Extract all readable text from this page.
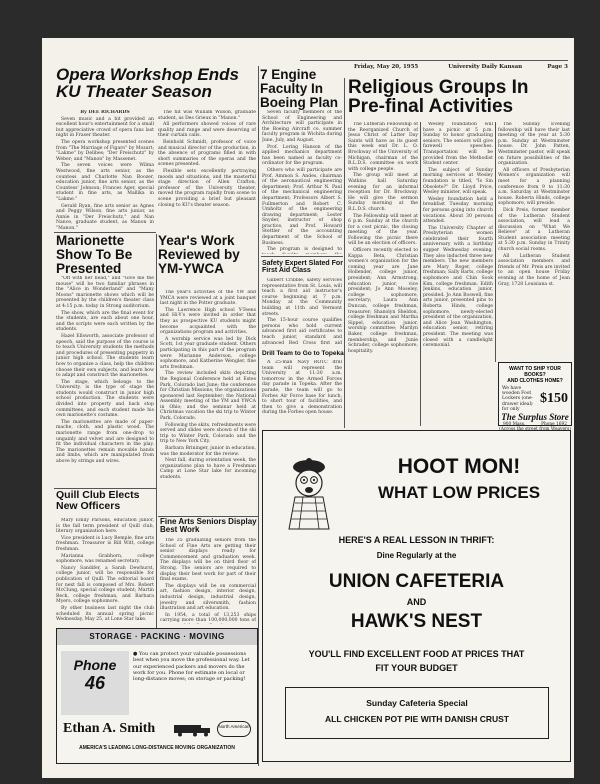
Friday, May 20, 1955	University Daily Kansan	Page 3
Opera Workshop Ends KU Theater Season

By DEE RICHARDS

Seven music and a bit provided an excellent hour's entertainment for a small but appreciative crowd of opera fans last night in Fraser theater.

The opera workshop presented scenes from "The Marriage of Figaro" by Mozart; "Lakme" by Delibes; "Der Freischutz" by Weber; and "Manon" by Massenet.

The seven voices were Wilma Westwood, fine arts senior, as the countess and Charlotte Nan Boozer, education junior, fine arts senior, as the Countess' Johnson; Frances Ager, special student in fine arts, as Mallika in "Lakme."

Gerald Ryan, fine arts senior as Agnes and Peggy Wilson, fine arts junior, as Annie in "Der Freischutz," and Nan Nance, graduate student, as Manon in "Manon."

The hit was William Wilson, graduate student, as Des Grieux in "Manon."

All performers showed voices of rare quality and range and were deserving of their curtain calls.

Reinhold Schmidt, professor of voice and musical director of the production, in the absence of programs filled in with short summaries of the operas and the scenes presented.

Flexible sets excellently portraying moods and situations, and the masterful stage direction of Allen Crafton, professor of the University theater, moved the program rapidly from scene to scene providing a brief but pleasant closing to KU's theater season.

7 Engine Faculty In Boeing Plan

Seven faculty members of the School of Engineering and Architecture will participate in the Boeing Aircraft co. summer faculty program in Wichita during June, July, and August.

Prof. Loring Hanson of the applied mechanics department has been named as faculty co-ordinator for the program.

Others who will participate are Prof. Ammon S. Andes, chairman of the aeronautical engineering department; Prof. Arthur N. Paul of the mechanical engineering department; Professors Albert S. Fullmerton and Robert C. Umholtz of the engineering drawing department; Lester Snyder, instructor of shop practice, and Prof. Howard Stettler of the accounting department of the School of Business.

The program is designed to

Safety Expert Slated For First Aid Class

Gilbert Cribble, safety services representative from St. Louis, will teach a first aid instructor's course beginning at 7 p.m. Monday at the Community building at 11th and Vermont streets.

The 15-hour course qualifies persons who hold current advanced first aid certificates to teach junior, standard and advanced Red Cross first aid

Drill Team to Go to Topeka

A 25-man Navy ROTC drill team will represent the University at 11:30 a.m. tomorrow in the Armed Forces day parade in Topeka. After the parade, the team will go to Forbes Air Force base for lunch, to short tour of facilities, and then to give a demonstration during the Forbes open house.

Marionette Show To Be Presented

"Off with her head," and "Give me the mouse" will be two familiar phrases in the "Alice in Wonderland" and "Many Moons" marionette shows which will be presented by the children's theater class at 4:15 p.m. today in Strong auditorium.

The show, which are the final event for the students, are each about one hour, and the scripts were each written by the students.

Hazel Ellsworth, associate professor of speech, said the purpose of the course is to teach University students the methods and procedures of presenting puppetry in junior high school. The students learn how to organize a class, help the children choose their own subjects, and learn how to adapt and construct the marionettes.

The stage, which belongs to the University, is the type of stage the students would construct in junior high school production. The students were divided into property and back stop committees, and each student made his own marionette's costume.

The marionettes are made of paper-mache, cloth, and plastic wood. The marionette range from one-drop to ungainly and velvet and are designed to fit the individual characters in the play. The marionettes remain movable hands and limbs, which are manipulated from above by strings and wires.

Quill Club Elects New Officers

Mary Emily Parsons, education junior, is the fall term president of Quill club, literary organization here.

Vice president is Lucy Bemple, fine arts freshman. Treasurer is Bill Witt, college freshman.

Marianna Grabhorn, college sophomore, was renamed secretary.

Nancy Sandifer, a Sarah Dewhurst, college junior, will be responsible for publication of Quill. The editorial board for next fall is composed of Mrs. Robert McClung, special college student; Martin Beck, college freshman, and Barbara Myers, college sophomore.

By other business last night the club scheduled its annual spring picnic Wednesday, May 25, at Lone Star lake.

Year's Work Reviewed by YM-YWCA

The year's activities of the YW and YMCA were reviewed at a joint banquet last night in the Potter graduate.

The Lawrence High school Y-Teens and Hi-Y's were invited in order that they as prospective KU students might become acquainted with the organizations program and activities.

A worship service was led by Dick Scott, 1st year graduate student. Others participating in this part of the program were Marianne Anderson, college sophomore, and Katherine Wengler, fine arts freshman.

The review included skits depicting the Regional Conference held at Estes Park, Colorado last June; the conference for Christian Missions; the organizations sponsored last September; the National Assembly meeting of the YM and YWCA in Ohio; and the seminar held at Christmas vacation the ski trip to Winter Park, Colorado.

Following the skits, refreshments were served and slides were shown of the ski trip to Winter Park, Colorado and the trip to New York City.

Barbara Brininger, junior in education, was the moderator for the review.

Next fall, during orientation week, the organizations plan to have a Freshman Camp at Lone Star lake for incoming students.

Fine Arts Seniors Display Best Work

The 35 graduating seniors from the School of Fine Arts are getting their senior displays ready for Commencement and graduation week. The displays will be on third floor of Strong. The seniors are required to display their best work for part of their final exams.

The displays will be on commercial art, fashion design, interior design, industrial design, industrial design, jewelry and silversmith, fashion illustration and art education.

In 1954, a total of 13,253 ships carrying more than 100,000,000 tons of

Religious Groups In Pre-final Activities

The Lutheran Fellowship of the Reorganized Church of Jesus Christ of Latter Day Saints will have as its guest this week end Dr. L. O. Brockway of the University of Michigan, chairman of the R.L.D.S. committee on work with college people.

The group will meet at Watkins hall Saturday evening for an informal reception for Dr. Brockway. He will give the sermon Sunday morning at the R.L.D.S. church.

The Fellowship will meet at 6 p.m. Sunday at the church for a cost picnic, the closing meeting of the year. Following the picnic there will be an election of officers.

Officers recently elected to Kappa Beta, Christian women's organization for the coming year are Jane Hollender, college junior, president; Ann Armstrong, education junior, vice president; Jo Ann Moseley, college sophomore, secretary; Laura Ann Duncan, college freshman, treasurer; Shanolyn Sheldon, college freshman and Martha Sippel, education junior, worship committee; Marilyn Baker, college freshman, membership, and Junie Schrader, college sophomore, hospitality.

Wesley foundation will have a picnic at 5 p.m. Sunday to honor graduating seniors. The seniors will give farewell speeches. Transportation will be provided from the Methodist Student center.

The subject of Sunday morning services at Wesley foundation is titled, "Is Sin Obsolete?" Dr. Lloyd Price, Wesley minister, will speak.

Wesley foundation held a breakfast Tuesday morning for persons going into church vocations. About 30 persons attended.

The University Chapter of Presbyterian women celebrated their fourth anniversary with a birthday supper Wednesday evening. They also inducted three new members. The new members are Mary Roger, college freshman; Sally Barts, college sophomore and Chin Sook Kim, college freshman. Edith Jenkins, education junior, presided. Jo Ann Boswell, fine arts junior, presented pins to Roberta Hinds, college sophomore, newly-elected president of the organization, and Alice Jean Washington, education senior, retiring president. The meeting was closed with a candlelight ceremonial.

The Sunday Evening fellowship will have their last meeting of the year at 5:30 p.m. Sunday at Westminster house. Dr. John Patten, Westminster pastor, will speak on future possibilities of the organization.

All officers of Presbyterian Women's organization will meet for a planning conference from 9 to 11:30 a.m. Saturday at Westminster house. Roberta Hinds, college sophomore, will preside.

Dick Preis, former member of the Lutheran Student association, will lead a discussion on "What We Believe" at a Lutheran Student association meeting at 5:30 p.m. Sunday in Trinity church social rooms.

All Lutheran Student association members and friends of Mr. Preis are invited to an open house Friday evening at the home of Jean Gray, 1728 Louisiana st.

WANT TO SHIP YOUR BOOKS?
AND CLOTHES HOME?
We have wooden Foot Lockers (one-drawer ideal) for only
$150
The Surplus Store
900 Mass.	Phone 1692
HOOT MON!
WHAT LOW PRICES
HERE'S A REAL LESSON IN THRIFT:
Dine Regularly at the
UNION CAFETERIA
AND
HAWK'S NEST
YOU'LL FIND EXCELLENT FOOD AT PRICES THAT
FIT YOUR BUDGET
Sunday Cafeteria Special
ALL CHICKEN POT PIE WITH DANISH CRUST
STORAGE · PACKING · MOVING
Phone
46
● You can protect your valuable possessions best when you move the professional way. Let our experienced packers and movers do the work for you. Phone for estimate on local or long-distance moves; on storage or packing!
Ethan A. Smith	North American
AMERICA'S LEADING LONG-DISTANCE MOVING ORGANIZATION
